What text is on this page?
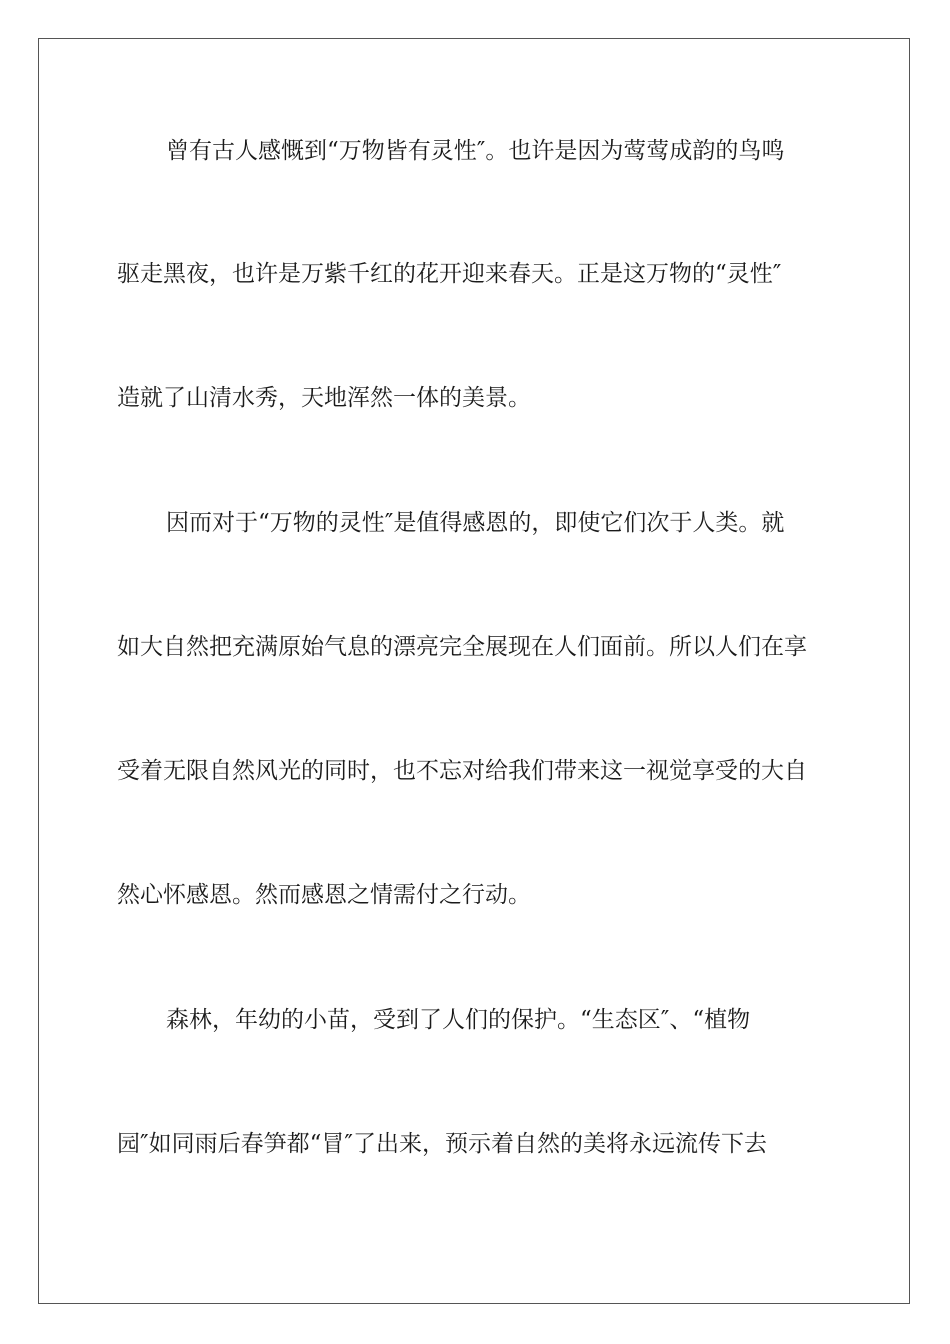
曾有古人感慨到“万物皆有灵性″。也许是因为莺莺成韵的鸟鸣
驱走黑夜，也许是万紫千红的花开迎来春天。正是这万物的“灵性″
造就了山清水秀，天地浑然一体的美景。
因而对于“万物的灵性″是值得感恩的，即使它们次于人类。就
如大自然把充满原始气息的漂亮完全展现在人们面前。所以人们在享
受着无限自然风光的同时，也不忘对给我们带来这一视觉享受的大自
然心怀感恩。然而感恩之情需付之行动。
森林，年幼的小苗，受到了人们的保护。“生态区″、“植物
园″如同雨后春笋都“冒″了出来，预示着自然的美将永远流传下去
